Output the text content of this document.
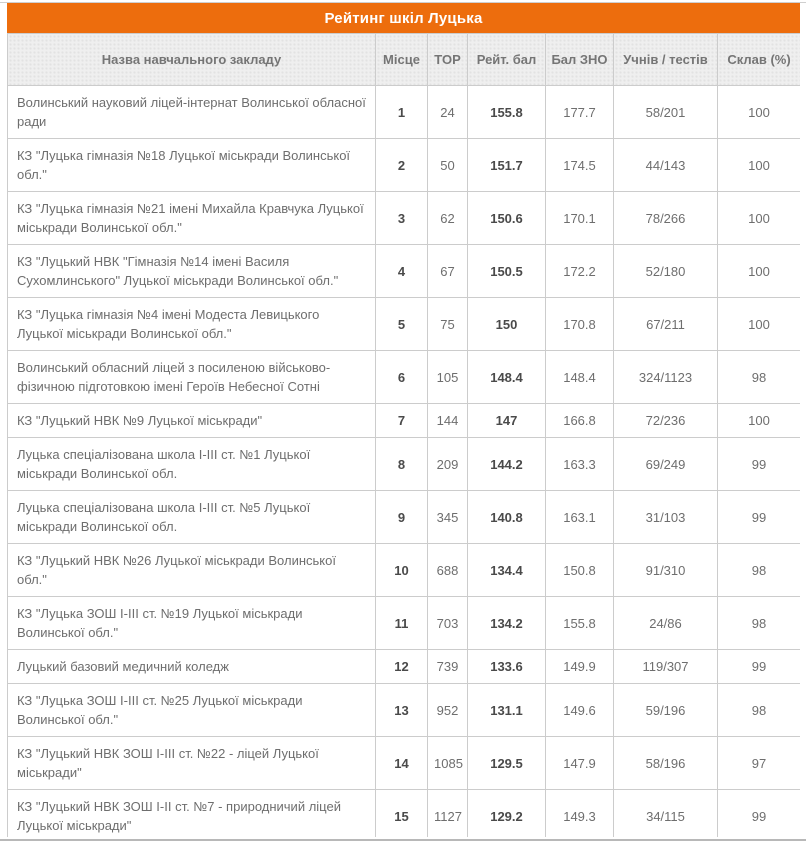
Рейтинг шкіл Луцька
Назва навчального закладу	Місце	TOP	Рейт. бал	Бал ЗНО	Учнів / тестів	Склав (%)
Волинський науковий ліцей-інтернат Волинської обласної ради	1	24	155.8	177.7	58/201	100
КЗ "Луцька гімназія №18 Луцької міськради Волинської обл."	2	50	151.7	174.5	44/143	100
КЗ "Луцька гімназія №21 імені Михайла Кравчука Луцької міськради Волинської обл."	3	62	150.6	170.1	78/266	100
КЗ "Луцький НВК "Гімназія №14 імені Василя Сухомлинського" Луцької міськради Волинської обл."	4	67	150.5	172.2	52/180	100
КЗ "Луцька гімназія №4 імені Модеста Левицького Луцької міськради Волинської обл."	5	75	150	170.8	67/211	100
Волинський обласний ліцей з посиленою військово-фізичною підготовкою імені Героїв Небесної Сотні	6	105	148.4	148.4	324/1123	98
КЗ "Луцький НВК №9 Луцької міськради"	7	144	147	166.8	72/236	100
Луцька спеціалізована школа I-III ст. №1 Луцької міськради Волинської обл.	8	209	144.2	163.3	69/249	99
Луцька спеціалізована школа I-III ст. №5 Луцької міськради Волинської обл.	9	345	140.8	163.1	31/103	99
КЗ "Луцький НВК №26 Луцької міськради Волинської обл."	10	688	134.4	150.8	91/310	98
КЗ "Луцька ЗОШ I-III ст. №19 Луцької міськради Волинської обл."	11	703	134.2	155.8	24/86	98
Луцький базовий медичний коледж	12	739	133.6	149.9	119/307	99
КЗ "Луцька ЗОШ I-III ст. №25 Луцької міськради Волинської обл."	13	952	131.1	149.6	59/196	98
КЗ "Луцький НВК ЗОШ I-III ст. №22 - ліцей Луцької міськради"	14	1085	129.5	147.9	58/196	97
КЗ "Луцький НВК ЗОШ I-II ст. №7 - природничий ліцей Луцької міськради"	15	1127	129.2	149.3	34/115	99
